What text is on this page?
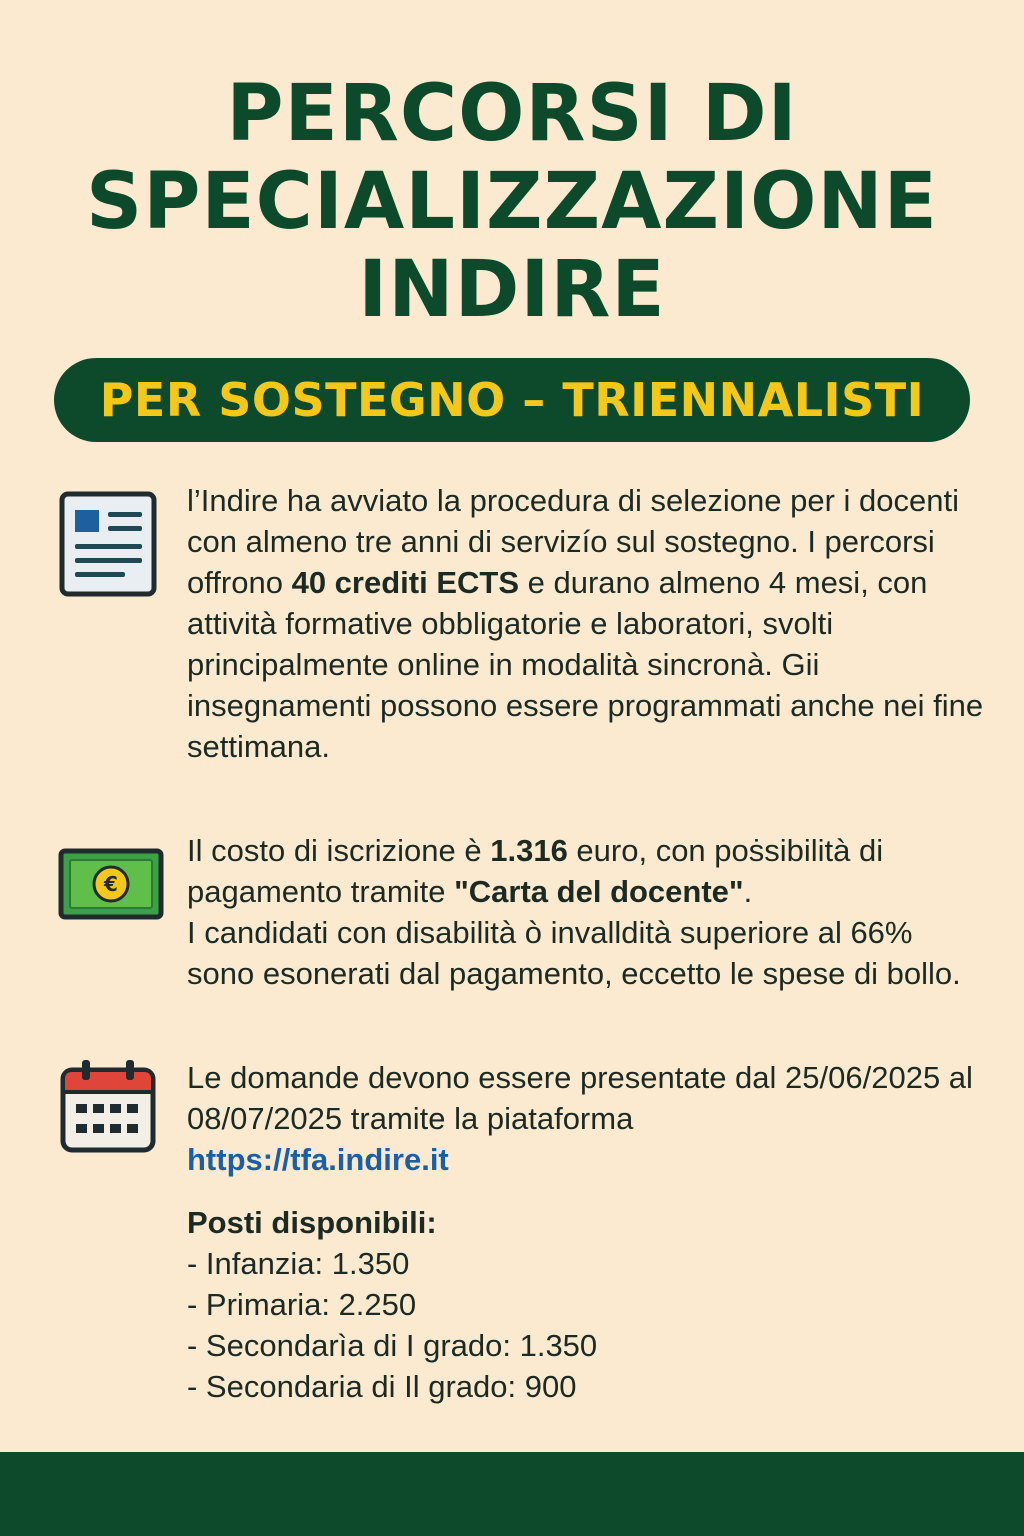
PERCORSI DI
SPECIALIZZAZIONE
INDIRE
PER SOSTEGNO – TRIENNALISTI
l’Indire ha avviato la procedura di selezione per i docenti con almeno tre anni di servizío sul sostegno. I percorsi offrono 40 crediti ECTS e durano almeno 4 mesi, con attività formative obbligatorie e laboratori, svolti principalmente online in modalità sincronà. Gii insegnamenti possono essere programmati anche nei fine settimana.
€
Il costo di iscrizione è 1.316 euro, con poṡsibilità di pagamento tramite "Carta del docente".
I candidati con disabilità ò invalldità superiore al 66% sono esonerati dal pagamento, eccetto le spese di bollo.
Le domande devono essere presentate dal 25/06/2025 al 08/07/2025 tramite la piataforma
https://tfa.indire.it
Posti disponibili:
- Infanzia: 1.350
- Primaria: 2.250
- Secondarìa di I grado: 1.350
- Secondaria di Il grado: 900
